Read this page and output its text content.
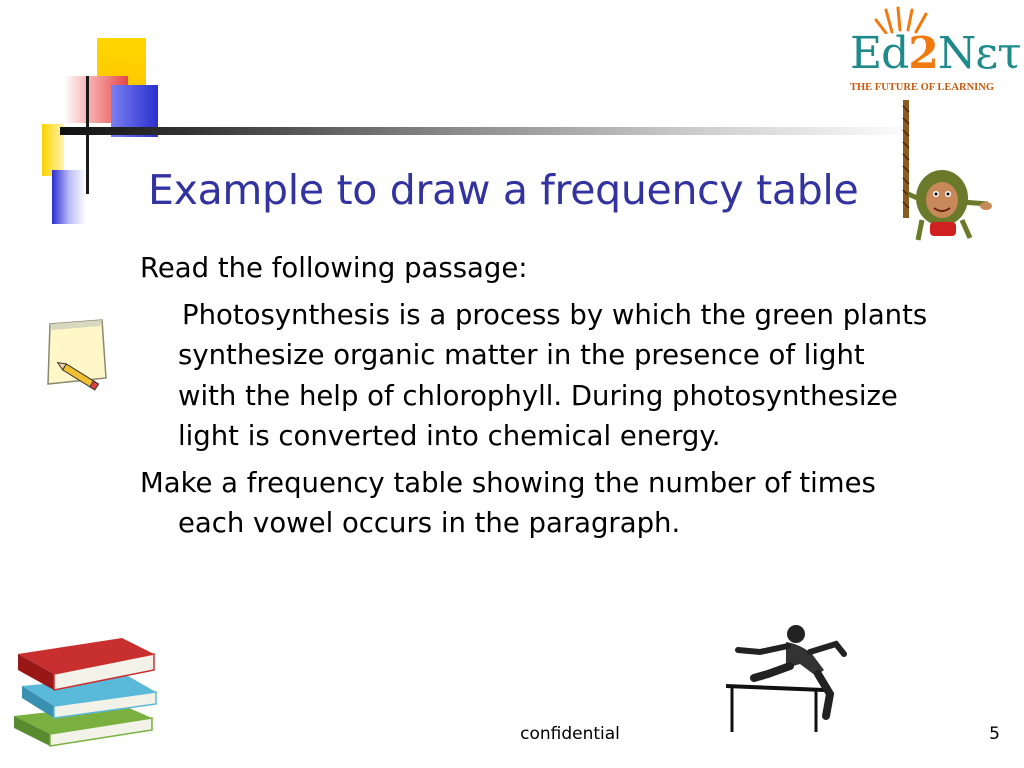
Ed2Nετ

THE FUTURE OF LEARNING

Example to draw a frequency table

Read the following passage:

Photosynthesis is a process by which the green plants synthesize organic matter in the presence of light with the help of chlorophyll. During photosynthesize light is converted into chemical energy.

Make a frequency table showing the number of times each vowel occurs in the paragraph.

confidential	5
